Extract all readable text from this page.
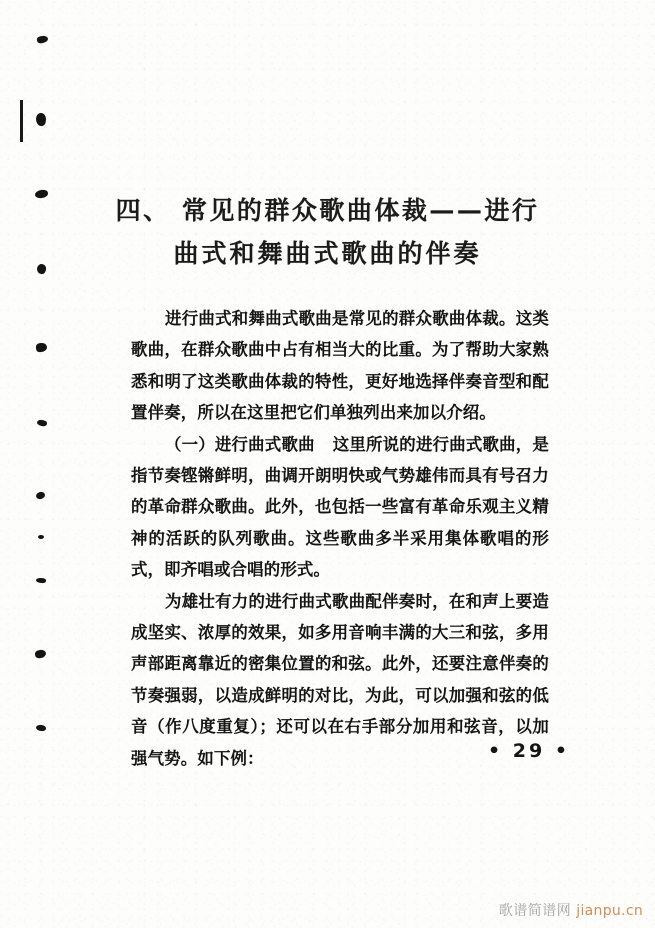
四、 常见的群众歌曲体裁——进行
曲式和舞曲式歌曲的伴奏

进行曲式和舞曲式歌曲是常见的群众歌曲体裁。这类歌曲，在群众歌曲中占有相当大的比重。为了帮助大家熟悉和明了这类歌曲体裁的特性，更好地选择伴奏音型和配置伴奏，所以在这里把它们单独列出来加以介绍。

（一）进行曲式歌曲 这里所说的进行曲式歌曲，是指节奏铿锵鲜明，曲调开朗明快或气势雄伟而具有号召力的革命群众歌曲。此外，也包括一些富有革命乐观主义精神的活跃的队列歌曲。这些歌曲多半采用集体歌唱的形式，即齐唱或合唱的形式。

为雄壮有力的进行曲式歌曲配伴奏时，在和声上要造成坚实、浓厚的效果，如多用音响丰满的大三和弦，多用声部距离靠近的密集位置的和弦。此外，还要注意伴奏的节奏强弱，以造成鲜明的对比，为此，可以加强和弦的低音（作八度重复）；还可以在右手部分加用和弦音，以加强气势。如下例：	• 29 •
歌谱简谱网 jianpu.cn
